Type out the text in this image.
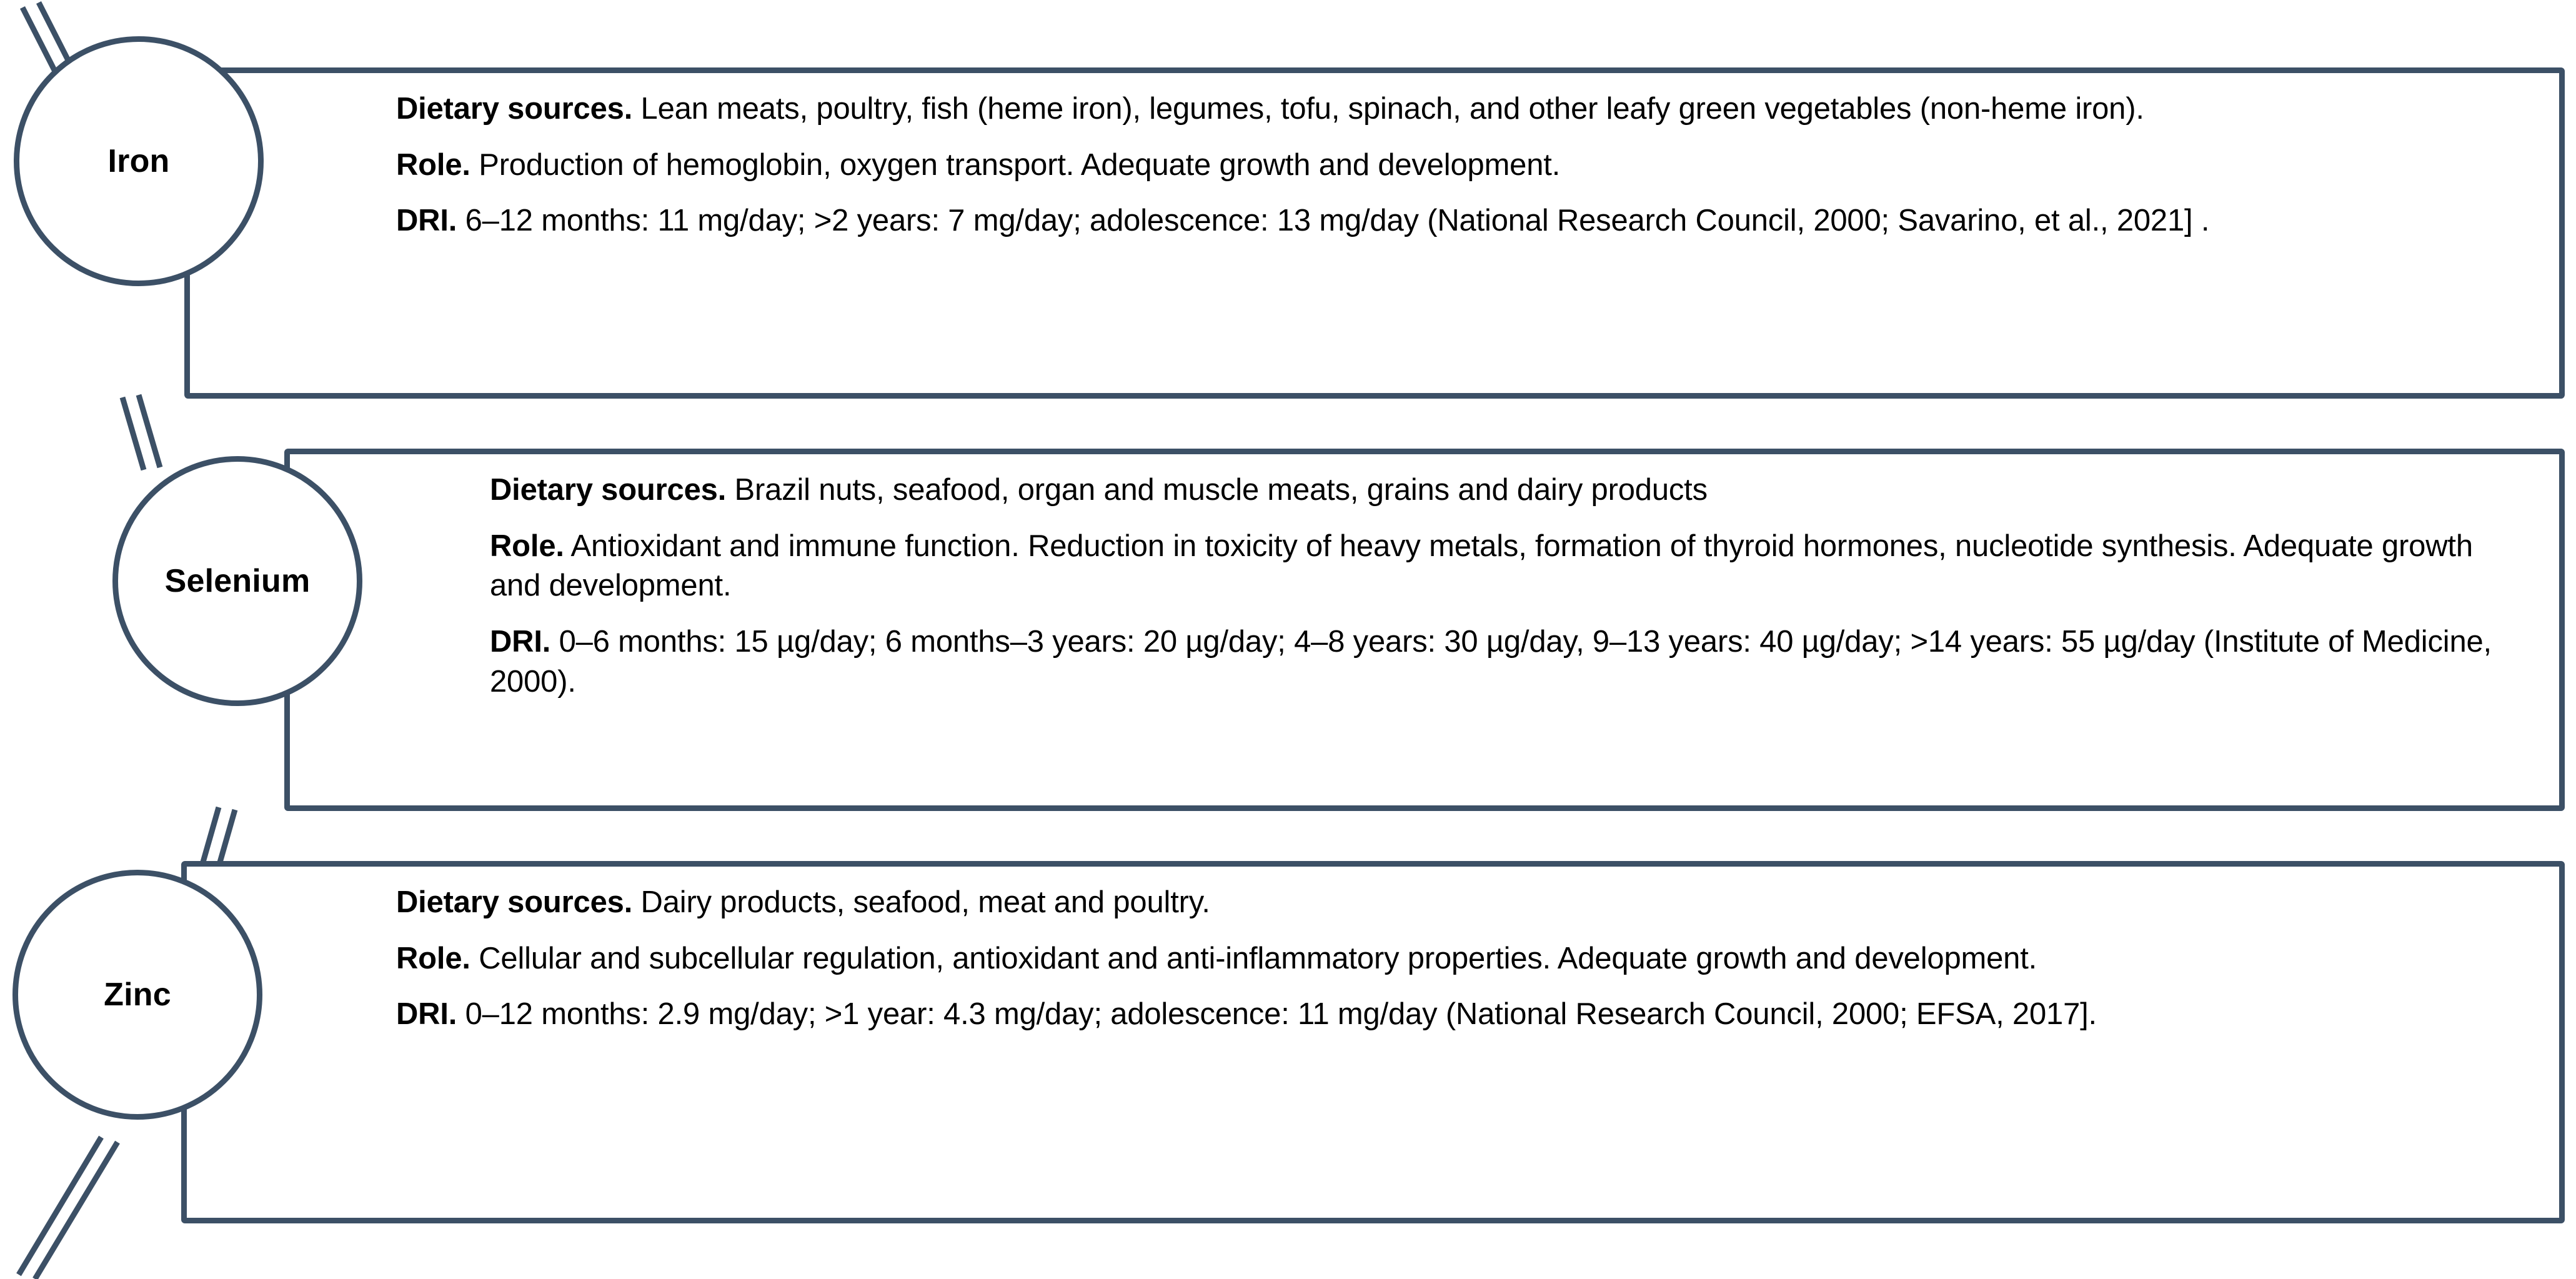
Dietary sources. Lean meats, poultry, fish (heme iron), legumes, tofu, spinach, and other leafy green vegetables (non-heme iron).

Role. Production of hemoglobin, oxygen transport. Adequate growth and development.

DRI. 6–12 months: 11 mg/day; >2 years: 7 mg/day; adolescence: 13 mg/day (National Research Council, 2000; Savarino, et al., 2021] .

Iron

Dietary sources. Brazil nuts, seafood, organ and muscle meats, grains and dairy products

Role. Antioxidant and immune function. Reduction in toxicity of heavy metals, formation of thyroid hormones, nucleotide synthesis. Adequate growth and development.

DRI. 0–6 months: 15 µg/day; 6 months–3 years: 20 µg/day; 4–8 years: 30 µg/day, 9–13 years: 40 µg/day; >14 years: 55 µg/day (Institute of Medicine, 2000).

Selenium

Dietary sources. Dairy products, seafood, meat and poultry.

Role. Cellular and subcellular regulation, antioxidant and anti-inflammatory properties. Adequate growth and development.

DRI. 0–12 months: 2.9 mg/day; >1 year: 4.3 mg/day; adolescence: 11 mg/day (National Research Council, 2000; EFSA, 2017].

Zinc
